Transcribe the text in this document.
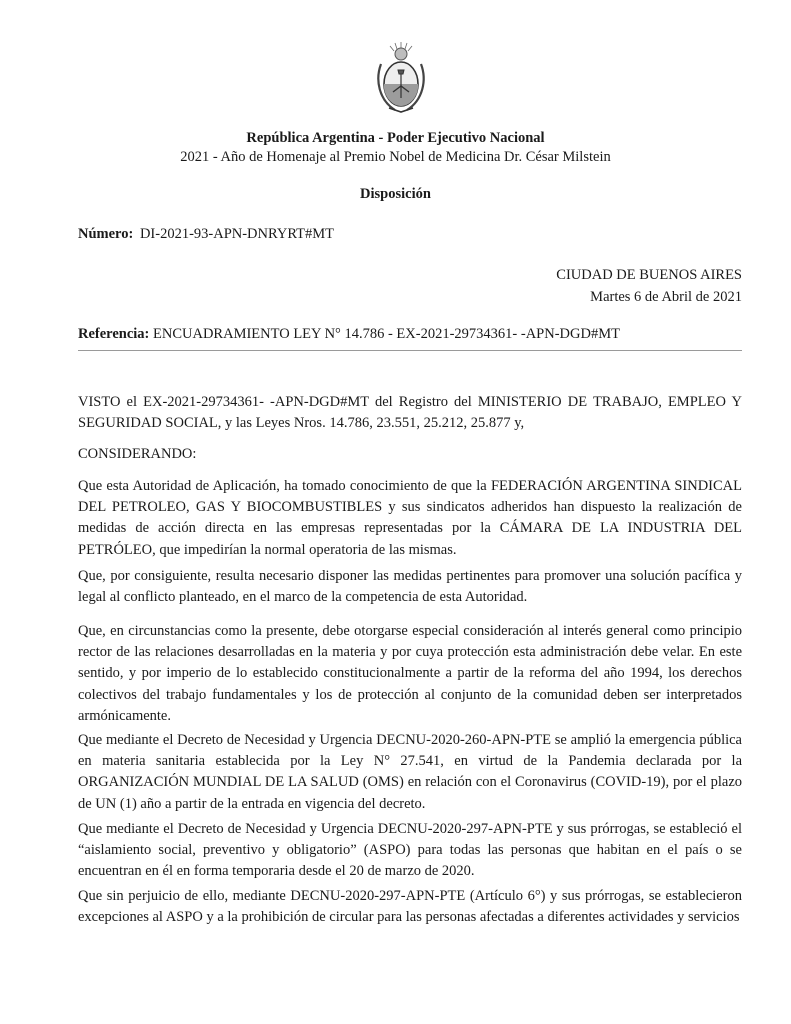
República Argentina - Poder Ejecutivo Nacional
2021 - Año de Homenaje al Premio Nobel de Medicina Dr. César Milstein
Disposición
Número: DI-2021-93-APN-DNRYRT#MT
CIUDAD DE BUENOS AIRES
Martes 6 de Abril de 2021
Referencia: ENCUADRAMIENTO LEY N° 14.786 - EX-2021-29734361- -APN-DGD#MT

VISTO el EX-2021-29734361- -APN-DGD#MT del Registro del MINISTERIO DE TRABAJO, EMPLEO Y SEGURIDAD SOCIAL, y las Leyes Nros. 14.786, 23.551, 25.212, 25.877 y,

CONSIDERANDO:

Que esta Autoridad de Aplicación, ha tomado conocimiento de que la FEDERACIÓN ARGENTINA SINDICAL DEL PETROLEO, GAS Y BIOCOMBUSTIBLES y sus sindicatos adheridos han dispuesto la realización de medidas de acción directa en las empresas representadas por la CÁMARA DE LA INDUSTRIA DEL PETRÓLEO, que impedirían la normal operatoria de las mismas.

Que, por consiguiente, resulta necesario disponer las medidas pertinentes para promover una solución pacífica y legal al conflicto planteado, en el marco de la competencia de esta Autoridad.

Que, en circunstancias como la presente, debe otorgarse especial consideración al interés general como principio rector de las relaciones desarrolladas en la materia y por cuya protección esta administración debe velar. En este sentido, y por imperio de lo establecido constitucionalmente a partir de la reforma del año 1994, los derechos colectivos del trabajo fundamentales y los de protección al conjunto de la comunidad deben ser interpretados armónicamente.

Que mediante el Decreto de Necesidad y Urgencia DECNU-2020-260-APN-PTE se amplió la emergencia pública en materia sanitaria establecida por la Ley N° 27.541, en virtud de la Pandemia declarada por la ORGANIZACIÓN MUNDIAL DE LA SALUD (OMS) en relación con el Coronavirus (COVID-19), por el plazo de UN (1) año a partir de la entrada en vigencia del decreto.

Que mediante el Decreto de Necesidad y Urgencia DECNU-2020-297-APN-PTE y sus prórrogas, se estableció el “aislamiento social, preventivo y obligatorio” (ASPO) para todas las personas que habitan en el país o se encuentran en él en forma temporaria desde el 20 de marzo de 2020.

Que sin perjuicio de ello, mediante DECNU-2020-297-APN-PTE (Artículo 6°) y sus prórrogas, se establecieron excepciones al ASPO y a la prohibición de circular para las personas afectadas a diferentes actividades y servicios
